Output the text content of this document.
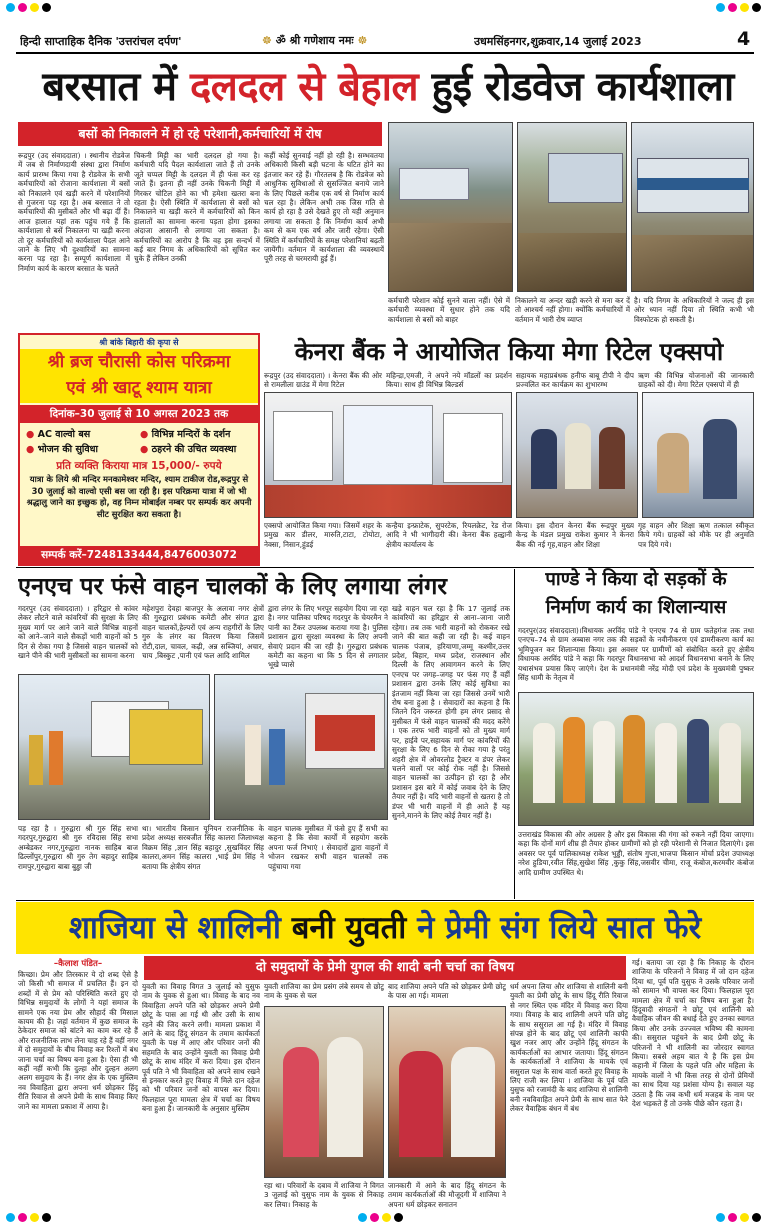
हिन्दी साप्ताहिक दैनिक 'उत्तरांचल दर्पण'	☸ ॐ श्री गणेशाय नमः ☸	उधमसिंहनगर,शुक्रवार,14 जुलाई 2023	4
बरसात में दलदल से बेहाल हुई रोडवेज कार्यशाला
बसों को निकालने में हो रहे परेशानी,कर्मचारियों में रोष
रूद्रपुर (उद संवाददाता) । स्थानीय रोडवेज में जब से निर्माणदायी संस्था द्वारा निर्माण कार्य प्रारम्भ किया गया है रोडवेज के सभी कर्मचारियों को रोजाना कार्यशाला में बसों को निकालने एवं खड़ी करने में परेशानियों से गुजरना पड़ रहा है। अब बरसात ने तो कर्मचारियों की मुसीबतें और भी बढ़ा दीं हैं। आज हालात यहां तक पहुंच गये हैं कि कार्यशाला से बसें निकालना या खड़ी करना तो दूर कर्मचारियों को कार्यशाला पैदल आने जाने के लिए भी दुश्वारियों का सामना करना पड़ रहा है। सम्पूर्ण कार्यशाला में निर्माण कार्य के कारण बरसात के चलते
चिकनी मिट्टी का भारी दलदल हो गया है। कर्मचारी यदि पैदल कार्यशाला जाते हैं तो उनके जूते चप्पल मिट्टी के दलदल में ही फंस कर रह जाते हैं। इतना ही नहीं उनके चिकनी मिट्टी में गिरकर चोटिल होने का भी हमेशा खतरा बना रहता है। ऐसी स्थिति में कार्यशाला से बसों को निकालने या खड़ी करने में कर्मचारियों को किन हालातों का सामना करना पड़ता होगा इसका अंदाजा आसानी से लगाया जा सकता है। कर्मचारियों का आरोप है कि वह इस सन्दर्भ में कई बार निगम के अधिकारियों को सूचित कर चुके हैं लेकिन उनकी
कहीं कोई सुनवाई नहीं हो रही है। सम्भवतया अधिकारी किसी बड़ी घटना के घटित होने का इंतजार कर रहे हैं। गौरतलब है कि रोडवेज को आधुनिक सुविधाओं से सुसज्जित बनाये जाने के लिए पिछले करीब एक वर्ष से निर्माण कार्य चल रहा है। लेकिन अभी तक जिस गति से कार्य हो रहा है उसे देखते हुए तो यही अनुमान लगाया जा सकता है कि निर्माण कार्य अभी कम से कम एक वर्ष और जारी रहेगा। ऐसी स्थिति में कर्मचारियों के समक्ष परेशानियां बढ़ती जायेंगी। वर्तमान में कार्यशाला की व्यवस्थायें पूरी तरह से चरमरायी हुई हैं।
कर्मचारी परेशान कोई सुनने वाला नहीं। ऐसे में कर्मचारी व्यवस्था में सुधार होने तक यदि कार्यशाला से बसों को बाहर
निकालने या अन्दर खड़ी करने से मना कर दें तो आश्चर्य नहीं होगा। क्योंकि कर्मचारियों में वर्तमान में भारी रोष व्याप्त
है। यदि निगम के अधिकारियों ने जल्द ही इस ओर ध्यान नहीं दिया तो स्थिति कभी भी विस्फोटक हो सकती है।
श्री बांके बिहारी की कृपा से
श्री ब्रज चौरासी कोस परिक्रमा
एवं श्री खाटू श्याम यात्रा
दिनांक–30 जुलाई से 10 अगस्त 2023 तक
● AC वाल्वो बस	● विभिन्न मन्दिरों के दर्शन
● भोजन की सुविधा	● ठहरने की उचित व्यवस्था
प्रति व्यक्ति किराया मात्र 15,000/- रुपये
यात्रा के लिये श्री मन्दिर मनकामेश्वर मन्दिर, श्याम टाकीज रोड,रूद्रपुर से 30 जुलाई को वाल्वो एसी बस जा रही है। इस परिक्रमा यात्रा में जो भी श्रद्धालु जाने का इच्छुक हो, वह निम्न मोबाईल नम्बर पर सम्पर्क कर अपनी सीट सुरक्षित करा सकता है।
सम्पर्क करें–7248133444,8476003072
केनरा बैंक ने आयोजित किया मेगा रिटेल एक्सपो
रूद्रपुर (उद संवाददाता) । केनरा बैंक की ओर से रामलीला ग्राउंड में मेगा रिटेल
महिन्द्रा,एमजी, ने अपने नये मॉडलों का प्रदर्शन किया। साथ ही विभिन्न बिल्डर्स
सहायक महाप्रबंधक हनीफ बाबू टीपी ने दीप प्रज्वलित कर कार्यक्रम का शुभारम्भ
ऋण की विभिन्न योजनाओं की जानकारी ग्राहकों को दी। मेगा रिटेल एक्सपो में ही
एक्सपो आयोजित किया गया। जिसमें शहर के प्रमुख कार डीलर, मारुति,टाटा, टोयोटा, नेक्सा, निसान,हुंडई
कन्हैया इन्फ्राटेक, सुपरटेक, रियलक्रेट, रेड रोज आदि ने भी भागीदारी की। केनरा बैंक हल्द्वानी क्षेत्रीय कार्यालय के
किया। इस दौरान केनरा बैंक रूद्रपुर मुख्य केन्द्र के मंडल प्रमुख राकेश कुमार ने केनरा बैंक की नई गृह,वाहन और शिक्षा
गृह वाहन और शिक्षा ऋण तत्काल स्वीकृत किये गये। ग्राहकों को मौके पर ही अनुमति पत्र दिये गये।
एनएच पर फंसे वाहन चालकों के लिए लगाया लंगर
गदरपुर (उद संवाददाता) । हरिद्वार से कांवर लेकर लौटने वाले कांवरियों की सुरक्षा के लिए मुख्य मार्ग पर आने जाने वाले विभिन्न वाहनों को आने–जाने वाले सैकड़ों भारी वाहनों को 5 दिन से रोका गया है जिससे वाहन चालकों को खाने पीने की भारी मुसीबतों का सामना करना
महेशपुरा देवहा बाजपुर के अलावा नगर क्षेत्रों की गुरुद्वारा प्रबंधक कमेटी और संगत द्वारा वाहन चालकों,हेल्परों एवं अन्य राहगीरों के लिए गुरु के लंगर का वितरण किया जिसमें रोटी,दाल, चावल, कढ़ी, अन्न सब्जियां, अचार, चाय ,बिस्कुट ,पानी एवं फल आदि शामिल
द्वारा लंगर के लिए भरपूर सहयोग दिया जा रहा है। नगर पालिका परिषद गदरपुर के चेयरमैन ने पानी का टैंकर उपलब्ध कराया गया है। पुलिस प्रशासन द्वारा सुरक्षा व्यवस्था के लिए अपनी सेवाएं प्रदान की जा रही है। गुरुद्वारा प्रबंधक कमेटी का कहना था कि 5 दिन से लगातार भूखे प्यासे
खड़े वाहन चल रहा है कि 17 जुलाई तक कांवरियों का हरिद्वार से आना–जाना जारी रहेगा। तब तक भारी वाहनों को रोककर रखे जाने की बात कही जा रही है। कई वाहन चालक पंजाब, हरियाणा,जम्मू कश्मीर,उत्तर प्रदेश, बिहार, मध्य प्रदेश, राजस्थान और दिल्ली के लिए आवागमन करने के लिए एनएच पर जगह–जगह पर फंस गए हैं वहीं प्रशासन द्वारा उनके लिए कोई सुविधा का इंतजाम नहीं किया जा रहा जिससे उनमें भारी रोष बना हुआ है । सेवादारों का कहना है कि जितने दिन जरूरत होगी हम लंगर प्रसाद से मुसीबत में फंसे वाहन चालकों की मदद करेंगे । एक तरफ भारी वाहनों को तो मुख्य मार्ग पर, हाईवे पर,सहायक मार्ग पर कांवरियों की सुरक्षा के लिए 6 दिन से रोका गया है परंतु शहरी क्षेत्र में ओवरलोड ट्रैक्टर व डंपर लेकर चलने वालों पर कोई रोक नहीं है। जिससे वाहन चालकों का उत्पीड़न हो रहा है और प्रशासन इस बारे में कोई जवाब देने के लिए तैयार नहीं है। यदि भारी वाहनों से खतरा है तो डंपर भी भारी वाहनों में ही आते हैं यह सुनने,मानने के लिए कोई तैयार नहीं है।
पड़ रहा है । गुरुद्वारा श्री गुरु सिंह सभा गदरपुर,गुरुद्वारा श्री गुरु रविदास सिंह सभा अम्बेडकर नगर,गुरुद्वारा नानक साहिब बाज ढिल्लोंपुर,गुरुद्वारा श्री गुरु तेग बहादुर साहिब रामपुर,गुरुद्वारा बाबा बुड्ढा जी
था। भारतीय किसान यूनियन राजनीतिक के प्रदेश अध्यक्ष सरबजीत सिंह कालरा जिलाध्यक्ष विक्रम सिंह ,ज्ञान सिंह बहादुर ,सुखविंदर सिंह कालरा,अमन सिंह कालरा ,भाई प्रेम सिंह ने बताया कि क्षेत्रीय संगत
वाहन चालक मुसीबत में फंसे हुए हैं सभी का कहना है कि सेवा कार्यों में सहयोग करके अपना फर्ज निभाएं । सेवादारों द्वारा वाहनों में भोजन रखकर सभी वाहन चालकों तक पहुंचाया गया
पाण्डे ने किया दो सड़कों के
निर्माण कार्य का शिलान्यास
गदरपुर(उद संवाददाता)।विधायक अरविंद पांडे ने एनएच 74 से ग्राम फतेहगंज तक तथा एनएच–74 से ग्राम अब्बास नगर तक की सड़कों के नवीनीकरण एवं डामरीकरण कार्य का भूमिपूजन कर शिलान्यास किया। इस अवसर पर ग्रामीणों को संबोधित करते हुए क्षेत्रीय विधायक अरविंद पांडे ने कहा कि गदरपुर विधानसभा को आदर्श विधानसभा बनाने के लिए यथासंभव प्रयास किए जाएंगे। देश के प्रधानमंत्री नरेंद्र मोदी एवं प्रदेश के मुख्यमंत्री पुष्कर सिंह धामी के नेतृत्व में
उत्तराखंड विकास की ओर अग्रसर है और इस विकास की गंगा को रुकने नहीं दिया जाएगा। कहा कि दोनों मार्ग शीघ्र ही तैयार होकर ग्रामीणों को हो रही परेशानी से निजात दिलाएंगे। इस अवसर पर पूर्व पालिकाध्यक्ष राकेश भुड्डी, संतोष गुप्ता,भाजपा किसान मोर्चा प्रदेश उपाध्यक्ष नरेश हुडिया,रवीत सिंह,सुखेश सिंह ,कुकु सिंह,जसवीर चीमा, राजू कंबोज,करमवीर कंबोज आदि ग्रामीण उपस्थित थे।
शाजिया से शालिनी बनी युवती ने प्रेमी संग लिये सात फेरे
–कैलाश पंडित–	दो समुदायों के प्रेमी युगल की शादी बनी चर्चा का विषय
किच्छा। प्रेम और तिरस्कार ये दो शब्द ऐसे है जो किसी भी समाज में प्रचलित हैं। इन दो शब्दों में से प्रेम को परिस्थिति करते हुए दो विभिन्न समुदायों के लोगों ने यहां समाज के सामने एक नया प्रेम और सौहार्द की मिसाल कायम की है। जहां वर्तमान में कुछ समाज के ठेकेदार समाज को बांटने का काम कर रहे हैं और राजनीतिक लाभ लेना चाह रहे हैं वहीं नगर में दो समुदायों के बीच विवाह कर रिश्तों में बंध जाना चर्चा का विषय बना हुआ है। ऐसा ही भी कहीं नहीं कभी कि दुल्हा और दुल्हन अलग अलग समुदाय के हैं। नगर क्षेत्र के एक मुस्लिम नव विवाहिता द्वारा अपना धर्म छोड़कर हिंदू रीति रिवाज से अपने प्रेमी के साथ विवाह किए जाने का मामला प्रकाश में आया है।
युवती का विवाह विगत 3 जुलाई को युसुफ नाम के युवक से हुआ था। विवाह के बाद नव विवाहिता अपने पति को छोड़कर अपने प्रेमी छोटू के पास आ गई थी और उसी के साथ रहने की जिद करने लगी। मामला प्रकाश में आने के बाद हिंदू संगठन के तमाम कार्यकर्ता युवती के पक्ष में आए और परिवार जनों की सहमति के बाद उन्होंने युवती का विवाह प्रेमी छोटू के साथ मंदिर में करा दिया। इस दौरान पूर्व पति ने भी विवाहिता को अपने साथ रखने से इनकार करते हुए विवाह में मिले दान दहेज को भी परिवार जनों को वापस कर दिया। फिलहाल पूरा मामला क्षेत्र में चर्चा का विषय बना हुआ है। जानकारी के अनुसार मुस्लिम
युवती शाजिया का प्रेम प्रसंग लंबे समय से छोटू नाम के युवक से चल
बाद शाजिया अपने पति को छोड़कर प्रेमी छोटू के पास आ गई। मामला
रहा था। परिवारों के दबाव में शाजिया ने विगत 3 जुलाई को युसुफ नाम के युवक से निकाह कर लिया। निकाह के
जानकारी में आने के बाद हिंदू संगठन के तमाम कार्यकर्ताओं की मौजूदगी में शाजिया ने अपना धर्म छोड़कर सनातन
धर्म अपना लिया और शाजिया से शालिनी बनी युवती का प्रेमी छोटू के साथ हिंदू रीति रिवाज से नगर स्थित एक मंदिर में विवाह करा दिया गया। विवाह के बाद शालिनी अपने पति छोटू के साथ ससुराल आ गई है। मंदिर में विवाह संपन्न होने के बाद छोटू एवं शालिनी काफी खुश नजर आए और उन्होंने हिंदू संगठन के कार्यकर्ताओं का आभार जताया। हिंदू संगठन के कार्यकर्ताओं ने शाजिया के मायके एवं ससुराल पक्ष के साथ वार्ता करते हुए विवाह के लिए राजी कर लिया । शाजिया के पूर्व पति युसुफ को रजामंदी के बाद शाजिया से शालिनी बनी नवविवाहित अपने प्रेमी के साथ सात फेरे लेकर वैवाहिक बंधन में बंध
गई। बताया जा रहा है कि निकाह के दौरान शाजिया के परिजनों ने विवाह में जो दान दहेज दिया था, पूर्व पति युसुफ ने उसके परिवार जनों को सामान भी वापस कर दिया। फिलहाल पूरा मामला क्षेत्र में चर्चा का विषय बना हुआ है। हिंदूवादी संगठनों ने छोटू एवं शालिनी को वैवाहिक जीवन की बधाई देते हुए उनका स्वागत किया और उनके उज्ज्वल भविष्य की कामना की। ससुराल पहुंचने के बाद प्रेमी छोटू के परिजनों ने भी शालिनी का जोरदार स्वागत किया। सबसे अहम बात ये है कि इस प्रेम कहानी में जिला के पहले पति और महिला के मायके वालों ने भी किस तरह से दोनों प्रेमियों का साथ दिया यह प्रशंसा योग्य है। सवाल यह उठता है कि जब कभी धर्म मजहब के नाम पर देश भड़कते हैं तो उनके पीछे कौन रहता है।
